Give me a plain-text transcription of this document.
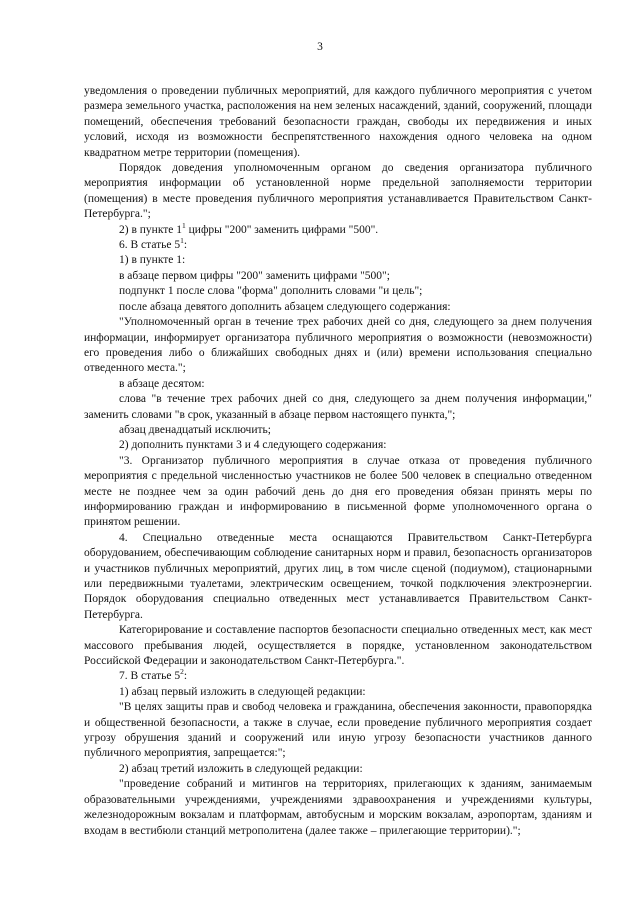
3

уведомления о проведении публичных мероприятий, для каждого публичного мероприятия с учетом размера земельного участка, расположения на нем зеленых насаждений, зданий, сооружений, площади помещений, обеспечения требований безопасности граждан, свободы их передвижения и иных условий, исходя из возможности беспрепятственного нахождения одного человека на одном квадратном метре территории (помещения).

Порядок доведения уполномоченным органом до сведения организатора публичного мероприятия информации об установленной норме предельной заполняемости территории (помещения) в месте проведения публичного мероприятия устанавливается Правительством Санкт-Петербурга.";

2) в пункте $1^1$ цифры "200" заменить цифрами "500".

6. В статье $5^1$:

1) в пункте 1:

в абзаце первом цифры "200" заменить цифрами "500";

подпункт 1 после слова "форма" дополнить словами "и цель";

после абзаца девятого дополнить абзацем следующего содержания:

"Уполномоченный орган в течение трех рабочих дней со дня, следующего за днем получения информации, информирует организатора публичного мероприятия о возможности (невозможности) его проведения либо о ближайших свободных днях и (или) времени использования специально отведенного места.";

в абзаце десятом:

слова "в течение трех рабочих дней со дня, следующего за днем получения информации," заменить словами "в срок, указанный в абзаце первом настоящего пункта,";

абзац двенадцатый исключить;

2) дополнить пунктами 3 и 4 следующего содержания:

"3. Организатор публичного мероприятия в случае отказа от проведения публичного мероприятия с предельной численностью участников не более 500 человек в специально отведенном месте не позднее чем за один рабочий день до дня его проведения обязан принять меры по информированию граждан и информированию в письменной форме уполномоченного органа о принятом решении.

4. Специально отведенные места оснащаются Правительством Санкт-Петербурга оборудованием, обеспечивающим соблюдение санитарных норм и правил, безопасность организаторов и участников публичных мероприятий, других лиц, в том числе сценой (подиумом), стационарными или передвижными туалетами, электрическим освещением, точкой подключения электроэнергии. Порядок оборудования специально отведенных мест устанавливается Правительством Санкт-Петербурга.

Категорирование и составление паспортов безопасности специально отведенных мест, как мест массового пребывания людей, осуществляется в порядке, установленном законодательством Российской Федерации и законодательством Санкт-Петербурга.".

7. В статье $5^2$:

1) абзац первый изложить в следующей редакции:

"В целях защиты прав и свобод человека и гражданина, обеспечения законности, правопорядка и общественной безопасности, а также в случае, если проведение публичного мероприятия создает угрозу обрушения зданий и сооружений или иную угрозу безопасности участников данного публичного мероприятия, запрещается:";

2) абзац третий изложить в следующей редакции:

"проведение собраний и митингов на территориях, прилегающих к зданиям, занимаемым образовательными учреждениями, учреждениями здравоохранения и учреждениями культуры, железнодорожным вокзалам и платформам, автобусным и морским вокзалам, аэропортам, зданиям и входам в вестибюли станций метрополитена (далее также – прилегающие территории).";
